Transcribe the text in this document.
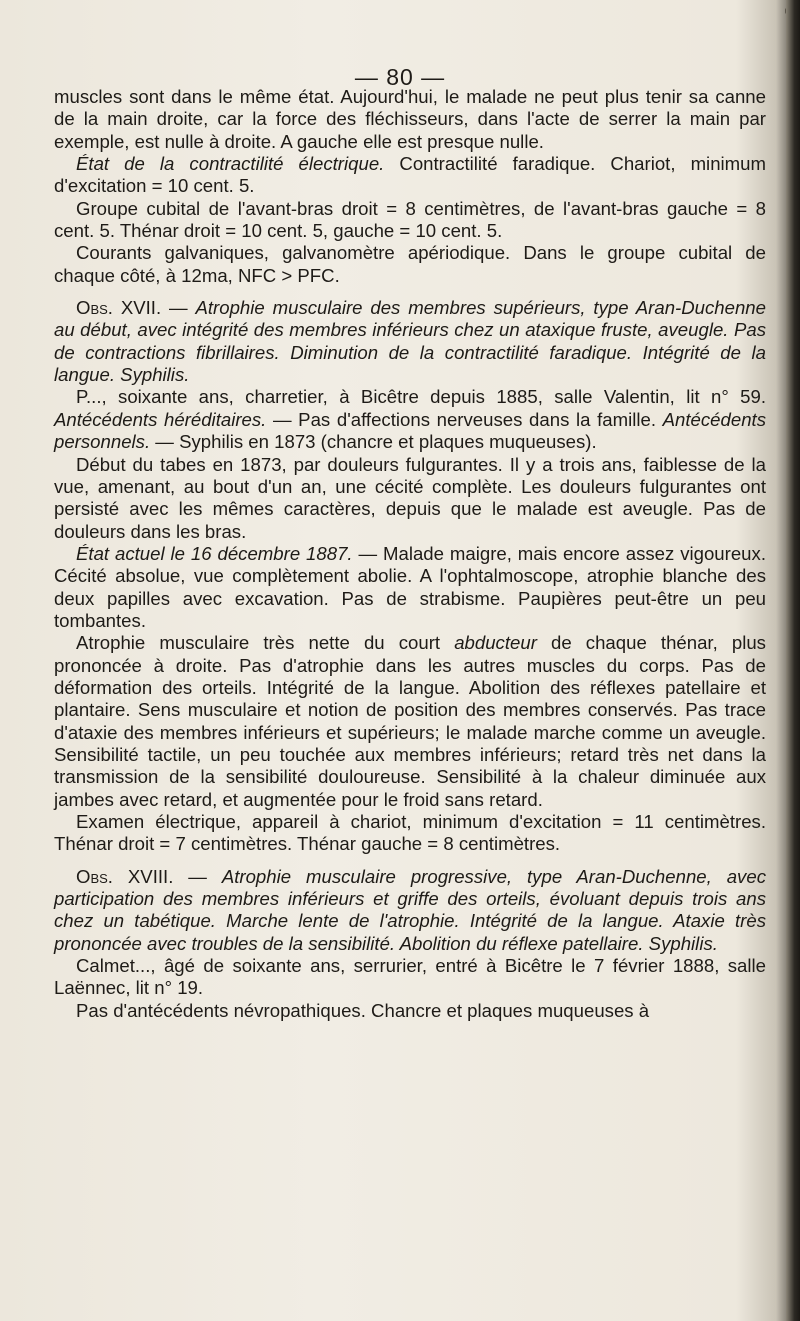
— 80 —

muscles sont dans le même état. Aujourd'hui, le malade ne peut plus tenir sa canne de la main droite, car la force des fléchisseurs, dans l'acte de serrer la main par exemple, est nulle à droite. A gauche elle est presque nulle.

État de la contractilité électrique. Contractilité faradique. Chariot, minimum d'excitation = 10 cent. 5.

Groupe cubital de l'avant-bras droit = 8 centimètres, de l'avant-bras gauche = 8 cent. 5. Thénar droit = 10 cent. 5, gauche = 10 cent. 5.

Courants galvaniques, galvanomètre apériodique. Dans le groupe cubital de chaque côté, à 12ma, NFC > PFC.

Obs. XVII. — Atrophie musculaire des membres supérieurs, type Aran-Duchenne au début, avec intégrité des membres inférieurs chez un ataxique fruste, aveugle. Pas de contractions fibrillaires. Diminution de la contractilité faradique. Intégrité de la langue. Syphilis.

P..., soixante ans, charretier, à Bicêtre depuis 1885, salle Valentin, lit n° 59. Antécédents héréditaires. — Pas d'affections nerveuses dans la famille. Antécédents personnels. — Syphilis en 1873 (chancre et plaques muqueuses).

Début du tabes en 1873, par douleurs fulgurantes. Il y a trois ans, faiblesse de la vue, amenant, au bout d'un an, une cécité complète. Les douleurs fulgurantes ont persisté avec les mêmes caractères, depuis que le malade est aveugle. Pas de douleurs dans les bras.

État actuel le 16 décembre 1887. — Malade maigre, mais encore assez vigoureux. Cécité absolue, vue complètement abolie. A l'ophtalmoscope, atrophie blanche des deux papilles avec excavation. Pas de strabisme. Paupières peut-être un peu tombantes.

Atrophie musculaire très nette du court abducteur de chaque thénar, plus prononcée à droite. Pas d'atrophie dans les autres muscles du corps. Pas de déformation des orteils. Intégrité de la langue. Abolition des réflexes patellaire et plantaire. Sens musculaire et notion de position des membres conservés. Pas trace d'ataxie des membres inférieurs et supérieurs; le malade marche comme un aveugle. Sensibilité tactile, un peu touchée aux membres inférieurs; retard très net dans la transmission de la sensibilité douloureuse. Sensibilité à la chaleur diminuée aux jambes avec retard, et augmentée pour le froid sans retard.

Examen électrique, appareil à chariot, minimum d'excitation = 11 centimètres. Thénar droit = 7 centimètres. Thénar gauche = 8 centimètres.

Obs. XVIII. — Atrophie musculaire progressive, type Aran-Duchenne, avec participation des membres inférieurs et griffe des orteils, évoluant depuis trois ans chez un tabétique. Marche lente de l'atrophie. Intégrité de la langue. Ataxie très prononcée avec troubles de la sensibilité. Abolition du réflexe patellaire. Syphilis.

Calmet..., âgé de soixante ans, serrurier, entré à Bicêtre le 7 février 1888, salle Laënnec, lit n° 19.

Pas d'antécédents névropathiques. Chancre et plaques muqueuses à
